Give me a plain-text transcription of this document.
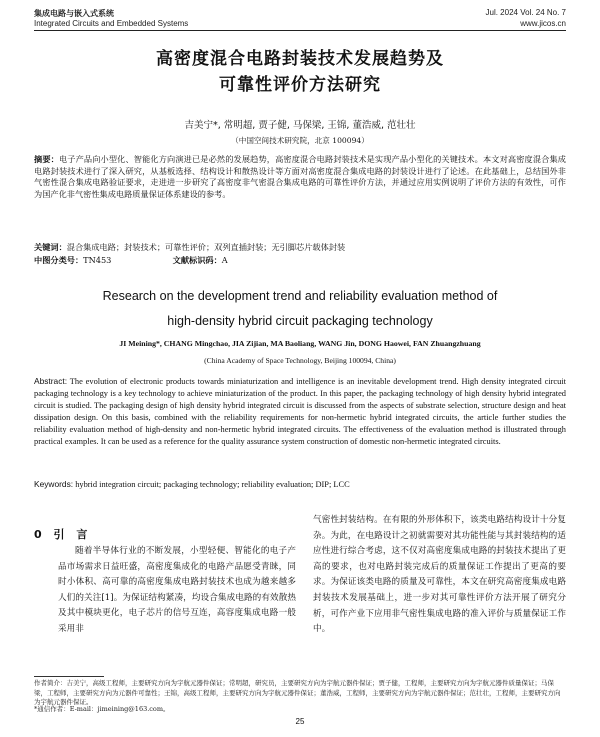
集成电路与嵌入式系统	Jul. 2024 Vol. 24 No. 7
Integrated Circuits and Embedded Systems	www.jicos.cn
高密度混合电路封装技术发展趋势及
可靠性评价方法研究
吉美宁*, 常明超, 贾子健, 马保梁, 王锦, 董浩威, 范壮壮
（中国空间技术研究院，北京 100094）
摘要：电子产品向小型化、智能化方向演进已是必然的发展趋势，高密度混合电路封装技术是实现产品小型化的关键技术。本文对高密度混合集成电路封装技术进行了深入研究，从基板选择、结构设计和散热设计等方面对高密度混合集成电路的封装设计进行了论述。在此基础上，总结国外非气密性混合集成电路验证要求，走进进一步研究了高密度非气密混合集成电路的可靠性评价方法，并通过应用实例说明了评价方法的有效性，可作为国产化非气密性集成电路质量保证体系建设的参考。
关键词：混合集成电路；封装技术；可靠性评价；双列直插封装；无引脚芯片载体封装
中图分类号：TN453	文献标识码：A
Research on the development trend and reliability evaluation method of
high-density hybrid circuit packaging technology
JI Meining*, CHANG Mingchao, JIA Zijian, MA Baoliang, WANG Jin, DONG Haowei, FAN Zhuangzhuang
(China Academy of Space Technology, Beijing 100094, China)
Abstract: The evolution of electronic products towards miniaturization and intelligence is an inevitable development trend. High density integrated circuit packaging technology is a key technology to achieve miniaturization of the product. In this paper, the packaging technology of high density hybrid integrated circuit is studied. The packaging design of high density hybrid integrated circuit is discussed from the aspects of substrate selection, structure design and heat dissipation design. On this basis, combined with the reliability requirements for non-hermetic hybrid integrated circuits, the article further studies the reliability evaluation method of high-density and non-hermetic hybrid integrated circuits. The effectiveness of the evaluation method is illustrated through practical examples. It can be used as a reference for the quality assurance system construction of domestic non-hermetic integrated circuits.
Keywords: hybrid integration circuit; packaging technology; reliability evaluation; DIP; LCC
0 引 言
随着半导体行业的不断发展，小型轻便、智能化的电子产品市场需求日益旺盛，高密度集成化的电路产品愿受青睐，同时小体积、高可靠的高密度集成电路封装技术也成为越来越多人们的关注[1]。为保证结构紧凑，均设合集成电路的有效散热及其中模块更化，电子芯片的信号互连，高容度集成电路一般采用非
气密性封装结构。在有限的外形体积下，该类电路结构设计十分复杂。为此，在电路设计之初就需要对其功能性能与其封装结构的适应性进行综合考虑，这不仅对高密度集成电路的封装技术提出了更高的要求，也对电路封装完成后的质量保证工作提出了更高的要求。为保证该类电路的质量及可靠性，本文在研究高密度集成电路封装技术发展基础上，进一步对其可靠性评价方法开展了研究分析，可作产业下应用非气密性集成电路的准入评价与质量保证工作中。
作者简介：吉美宁，高级工程师，主要研究方向为宇航元器件保证；常明超，研究员，主要研究方向为宇航元器件保证；贾子健，工程师，主要研究方向为宇航元器件质量保证；马保梁，工程师，主要研究方向为元器件可靠性；王锦，高级工程师，主要研究方向为宇航元器件保证；董浩威，工程师，主要研究方向为宇航元器件保证；范壮壮，工程师，主要研究方向为宇航元器件保证。
*通信作者：E-mail：jimeining@163.com。
25
